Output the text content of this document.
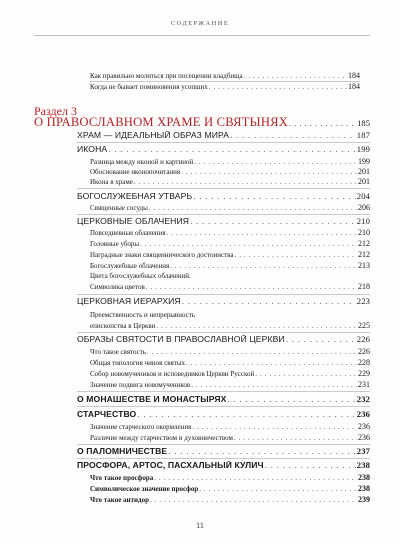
СОДЕРЖАНИЕ
Как правильно молиться при посещении кладбища . . .	184
Когда не бывает поминовения усопших . . .	184
Раздел 3
О ПРАВОСЛАВНОМ ХРАМЕ И СВЯТЫНЯХ . . .	185
ХРАМ — ИДЕАЛЬНЫЙ ОБРАЗ МИРА . . .	187
ИКОНА . . .	199
Разница между иконой и картиной . . .	199
Обоснование иконопочитания . . .	201
Икона в храме . . .	201
БОГОСЛУЖЕБНАЯ УТВАРЬ . . .	204
Священные сосуды . . .	206
ЦЕРКОВНЫЕ ОБЛАЧЕНИЯ . . .	210
Повседневные облачения . . .	210
Головные уборы . . .	212
Наградные знаки священнического достоинства . . .	212
Богослужебные облачения . . .	213
Цвета богослужебных облачений.
Символика цветов . . .	218
ЦЕРКОВНАЯ ИЕРАРХИЯ . . .	223
Преемственность и непрерывность
епископства в Церкви . . .	225
ОБРАЗЫ СВЯТОСТИ В ПРАВОСЛАВНОЙ ЦЕРКВИ . . .	226
Что такое святость . . .	226
Общая типология чинов святых . . .	228
Собор новомучеников и исповедников Церкви Русской . . .	229
Значение подвига новомучеников . . .	231
О МОНАШЕСТВЕ И МОНАСТЫРЯХ . . .	232
СТАРЧЕСТВО . . .	236
Значение старческого окормления . . .	236
Различие между старчеством и духовничеством . . .	236
О ПАЛОМНИЧЕСТВЕ . . .	237
ПРОСФОРА, АРТОС, ПАСХАЛЬНЫЙ КУЛИЧ . . .	238
Что такое просфора . . .	238
Символическое значение просфор . . .	238
Что такое антидор . . .	239
11
